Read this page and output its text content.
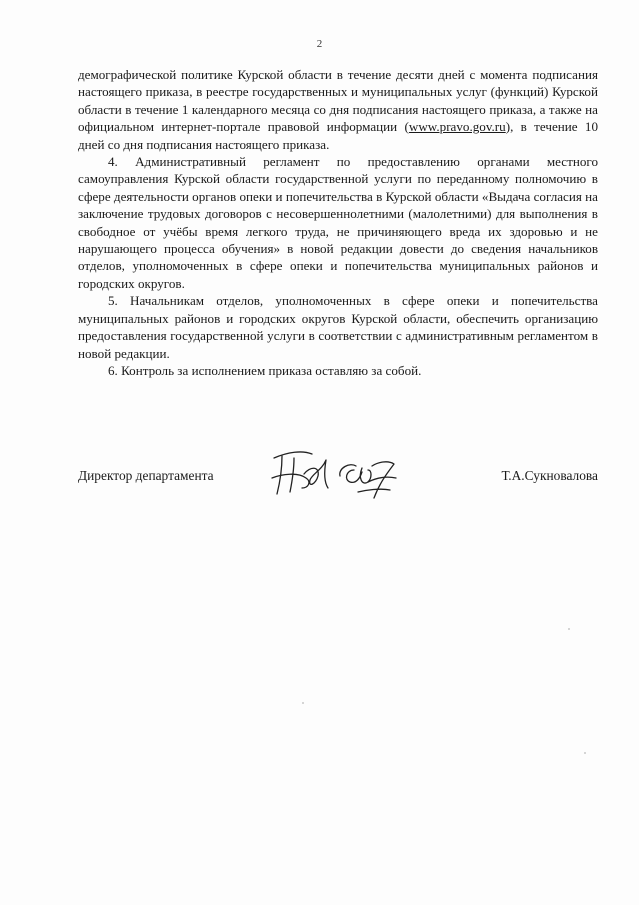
2

демографической политике Курской области в течение десяти дней с момента подписания настоящего приказа, в реестре государственных и муниципальных услуг (функций) Курской области в течение 1 календарного месяца со дня подписания настоящего приказа, а также на официальном интернет-портале правовой информации (www.pravo.gov.ru), в течение 10 дней со дня подписания настоящего приказа.

4. Административный регламент по предоставлению органами местного самоуправления Курской области государственной услуги по переданному полномочию в сфере деятельности органов опеки и попечительства в Курской области «Выдача согласия на заключение трудовых договоров с несовершеннолетними (малолетними) для выполнения в свободное от учёбы время легкого труда, не причиняющего вреда их здоровью и не нарушающего процесса обучения» в новой редакции довести до сведения начальников отделов, уполномоченных в сфере опеки и попечительства муниципальных районов и городских округов.

5. Начальникам отделов, уполномоченных в сфере опеки и попечительства муниципальных районов и городских округов Курской области, обеспечить организацию предоставления государственной услуги в соответствии с административным регламентом в новой редакции.

6. Контроль за исполнением приказа оставляю за собой.

Директор департамента	Т.А.Сукновалова
